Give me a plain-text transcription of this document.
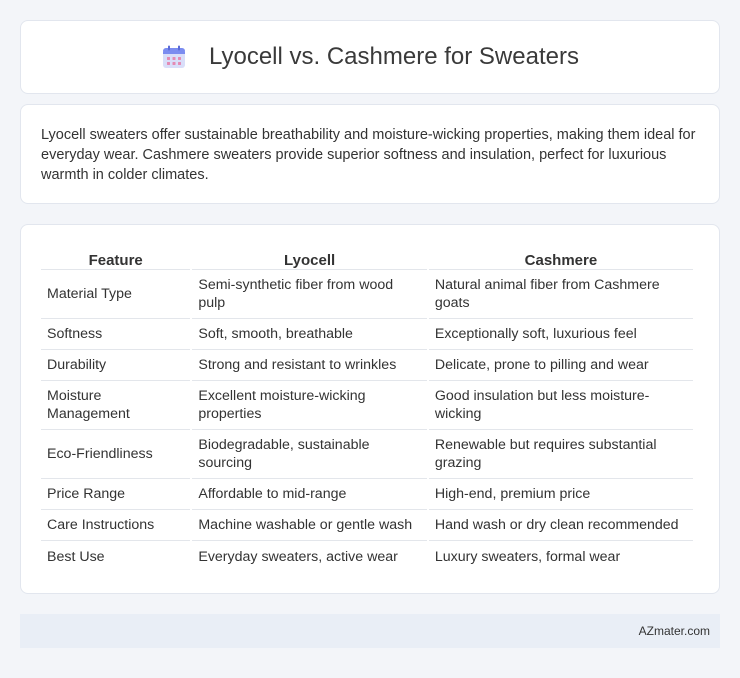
Lyocell vs. Cashmere for Sweaters

Lyocell sweaters offer sustainable breathability and moisture-wicking properties, making them ideal for everyday wear. Cashmere sweaters provide superior softness and insulation, perfect for luxurious warmth in colder climates.

Feature	Lyocell	Cashmere
Material Type	Semi-synthetic fiber from wood pulp	Natural animal fiber from Cashmere goats
Softness	Soft, smooth, breathable	Exceptionally soft, luxurious feel
Durability	Strong and resistant to wrinkles	Delicate, prone to pilling and wear
Moisture Management	Excellent moisture-wicking properties	Good insulation but less moisture-wicking
Eco-Friendliness	Biodegradable, sustainable sourcing	Renewable but requires substantial grazing
Price Range	Affordable to mid-range	High-end, premium price
Care Instructions	Machine washable or gentle wash	Hand wash or dry clean recommended
Best Use	Everyday sweaters, active wear	Luxury sweaters, formal wear
AZmater.com
